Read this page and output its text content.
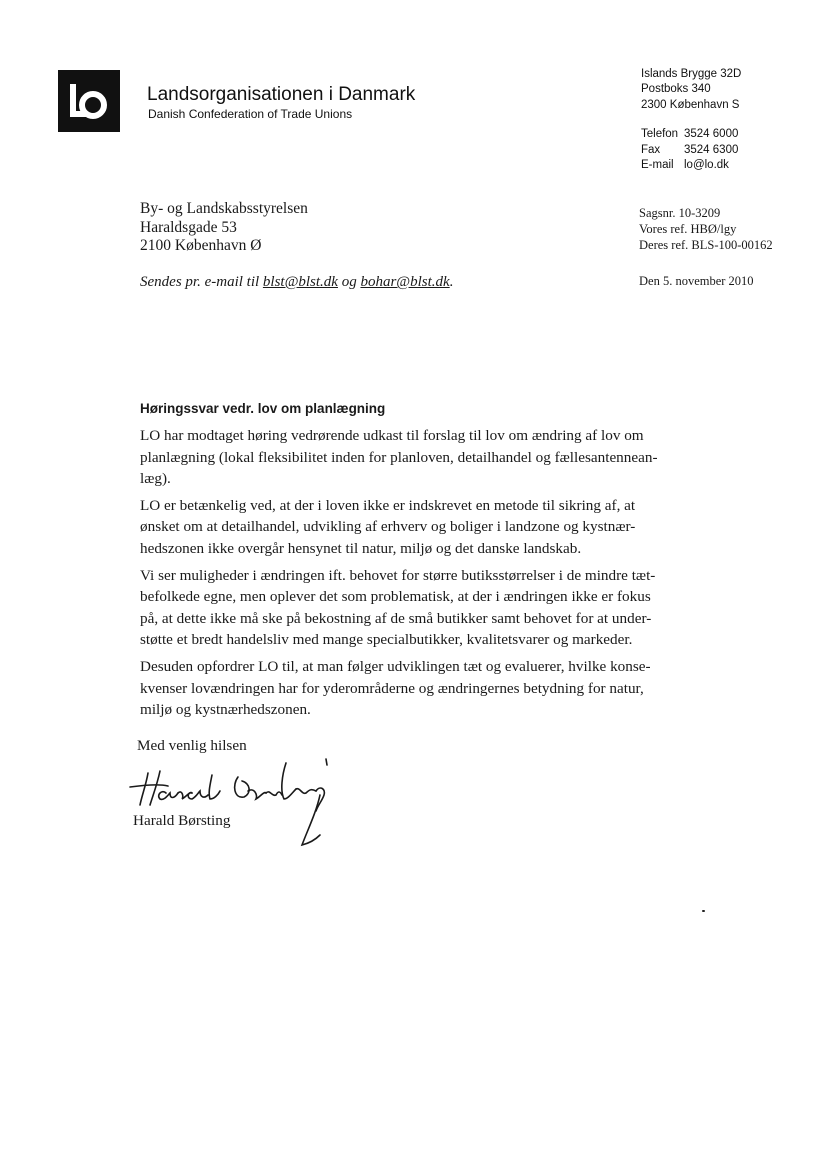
Landsorganisationen i Danmark
Danish Confederation of Trade Unions
Islands Brygge 32D
Postboks 340
2300 København S
Telefon 3524 6000
Fax 3524 6300
E-mail lo@lo.dk
By- og Landskabsstyrelsen
Haraldsgade 53
2100 København Ø
Sagsnr. 10-3209
Vores ref. HBØ/lgy
Deres ref. BLS-100-00162
Sendes pr. e-mail til blst@blst.dk og bohar@blst.dk.	Den 5. november 2010
Høringssvar vedr. lov om planlægning

LO har modtaget høring vedrørende udkast til forslag til lov om ændring af lov om
planlægning (lokal fleksibilitet inden for planloven, detailhandel og fællesantennean-
læg).

LO er betænkelig ved, at der i loven ikke er indskrevet en metode til sikring af, at
ønsket om at detailhandel, udvikling af erhverv og boliger i landzone og kystnær-
hedszonen ikke overgår hensynet til natur, miljø og det danske landskab.

Vi ser muligheder i ændringen ift. behovet for større butiksstørrelser i de mindre tæt-
befolkede egne, men oplever det som problematisk, at der i ændringen ikke er fokus
på, at dette ikke må ske på bekostning af de små butikker samt behovet for at under-
støtte et bredt handelsliv med mange specialbutikker, kvalitetsvarer og markeder.

Desuden opfordrer LO til, at man følger udviklingen tæt og evaluerer, hvilke konse-
kvenser lovændringen har for yderområderne og ændringernes betydning for natur,
miljø og kystnærhedszonen.

Med venlig hilsen
Harald Børsting
